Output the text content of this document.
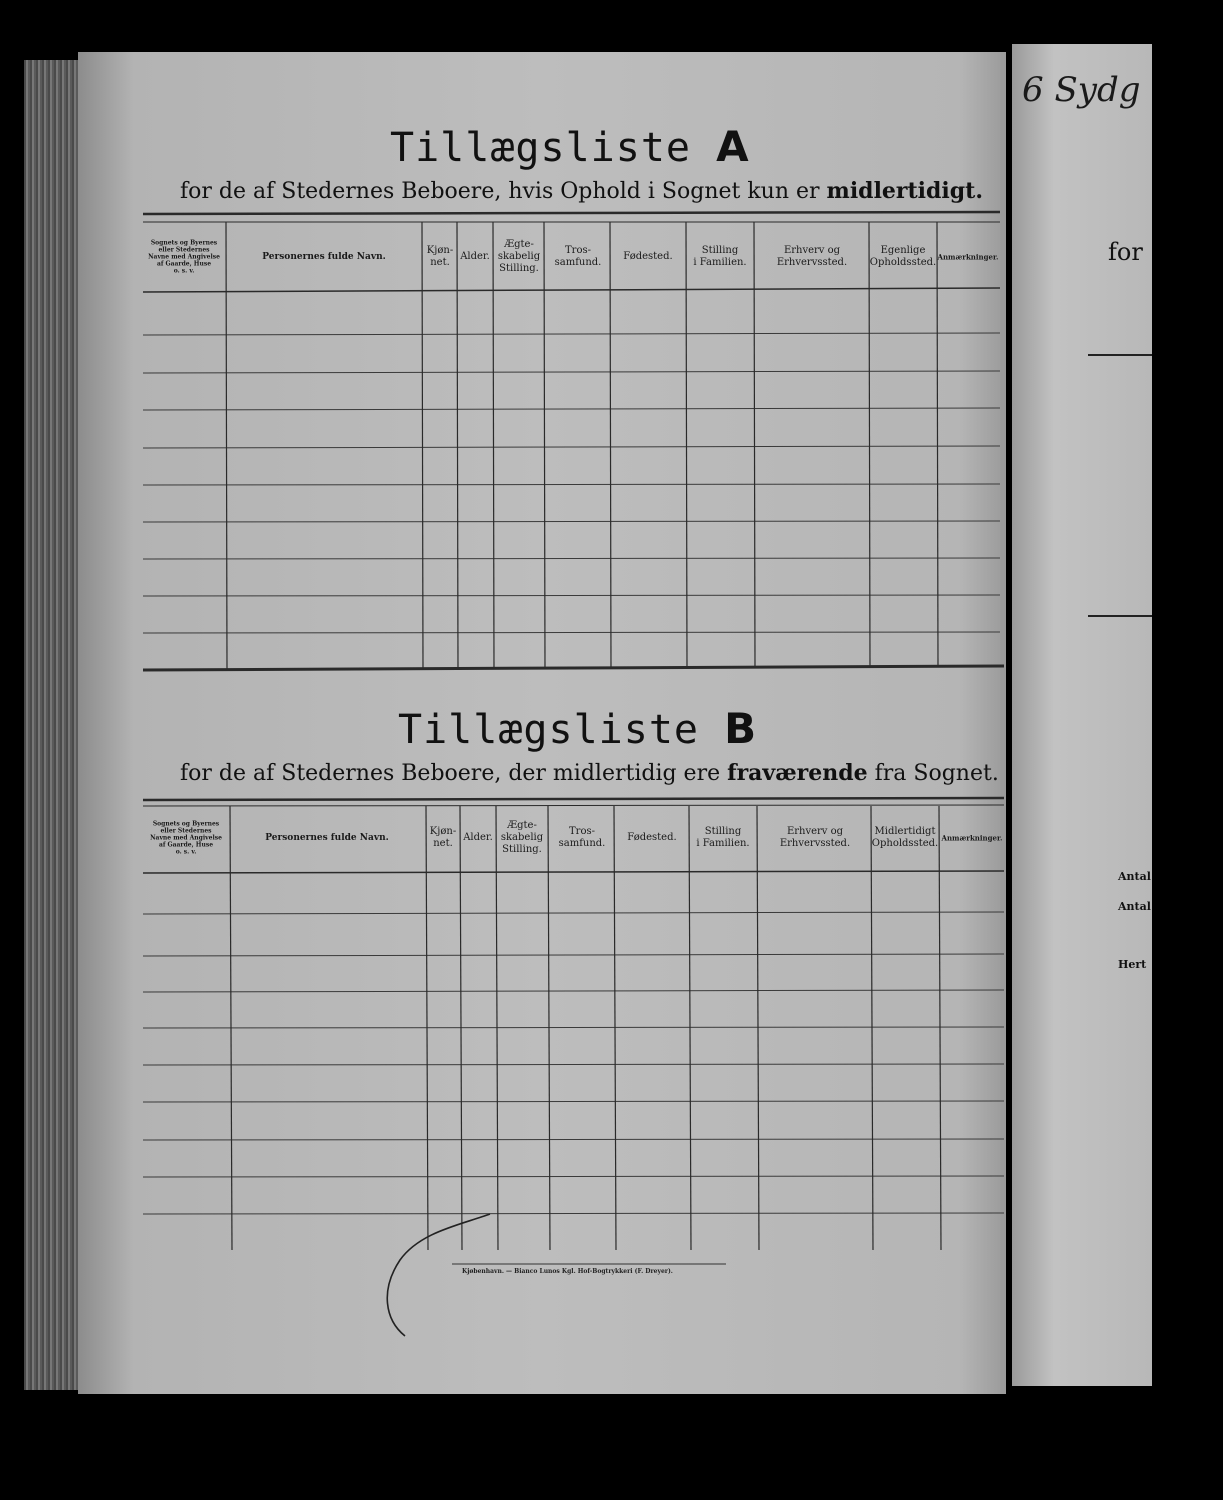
Tillægsliste A
for de af Stedernes Beboere, hvis Ophold i Sognet kun er midlertidigt.
Sognets og Byernes
eller Stedernes
Navne med Angivelse
af Gaarde, Huse
o. s. v.
Personernes fulde Navn.
Kjøn-
net.
Alder.
Ægte-
skabelig
Stilling.
Tros-
samfund.
Fødested.
Stilling
i Familien.
Erhverv og
Erhvervssted.
Egenlige
Opholdssted. Anmærkninger.
Tillægsliste B
for de af Stedernes Beboere, der midlertidig ere fraværende fra Sognet.
Sognets og Byernes
eller Stedernes
Navne med Angivelse
af Gaarde, Huse
o. s. v.
Personernes fulde Navn.
Kjøn-
net.
Alder.
Ægte-
skabelig
Stilling.
Tros-
samfund.
Fødested.
Stilling
i Familien.
Erhverv og
Erhvervssted.
Midlertidigt
Opholdssted. Anmærkninger.
Kjøbenhavn. — Bianco Lunos Kgl. Hof-Bogtrykkeri (F. Dreyer).
6 Sydg
for
Antal
Antal
Hert
